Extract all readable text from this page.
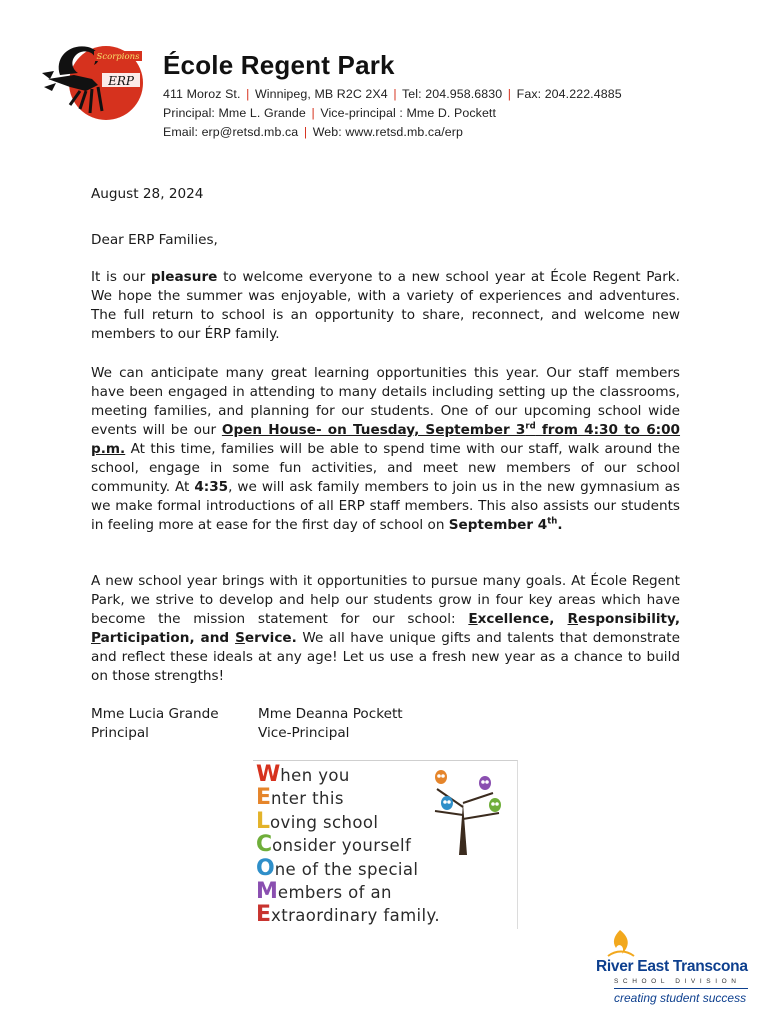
Scorpions
ERP
École Regent Park
411 Moroz St. | Winnipeg, MB R2C 2X4 | Tel: 204.958.6830 | Fax: 204.222.4885
Principal: Mme L. Grande | Vice-principal : Mme D. Pockett
Email: erp@retsd.mb.ca | Web: www.retsd.mb.ca/erp
August 28, 2024
Dear ERP Families,

It is our pleasure to welcome everyone to a new school year at École Regent Park. We hope the summer was enjoyable, with a variety of experiences and adventures. The full return to school is an opportunity to share, reconnect, and welcome new members to our ÉRP family.

We can anticipate many great learning opportunities this year. Our staff members have been engaged in attending to many details including setting up the classrooms, meeting families, and planning for our students. One of our upcoming school wide events will be our Open House- on Tuesday, September 3rd from 4:30 to 6:00 p.m. At this time, families will be able to spend time with our staff, walk around the school, engage in some fun activities, and meet new members of our school community. At 4:35, we will ask family members to join us in the new gymnasium as we make formal introductions of all ERP staff members. This also assists our students in feeling more at ease for the first day of school on September 4th.

A new school year brings with it opportunities to pursue many goals. At École Regent Park, we strive to develop and help our students grow in four key areas which have become the mission statement for our school: Excellence, Responsibility, Participation, and Service. We all have unique gifts and talents that demonstrate and reflect these ideals at any age! Let us use a fresh new year as a chance to build on those strengths!

Mme Lucia Grande
Principal
Mme Deanna Pockett
Vice-Principal
When you
Enter this
Loving school
Consider yourself
One of the special
Members of an
Extraordinary family.
River East Transcona
SCHOOL DIVISION
creating student success
